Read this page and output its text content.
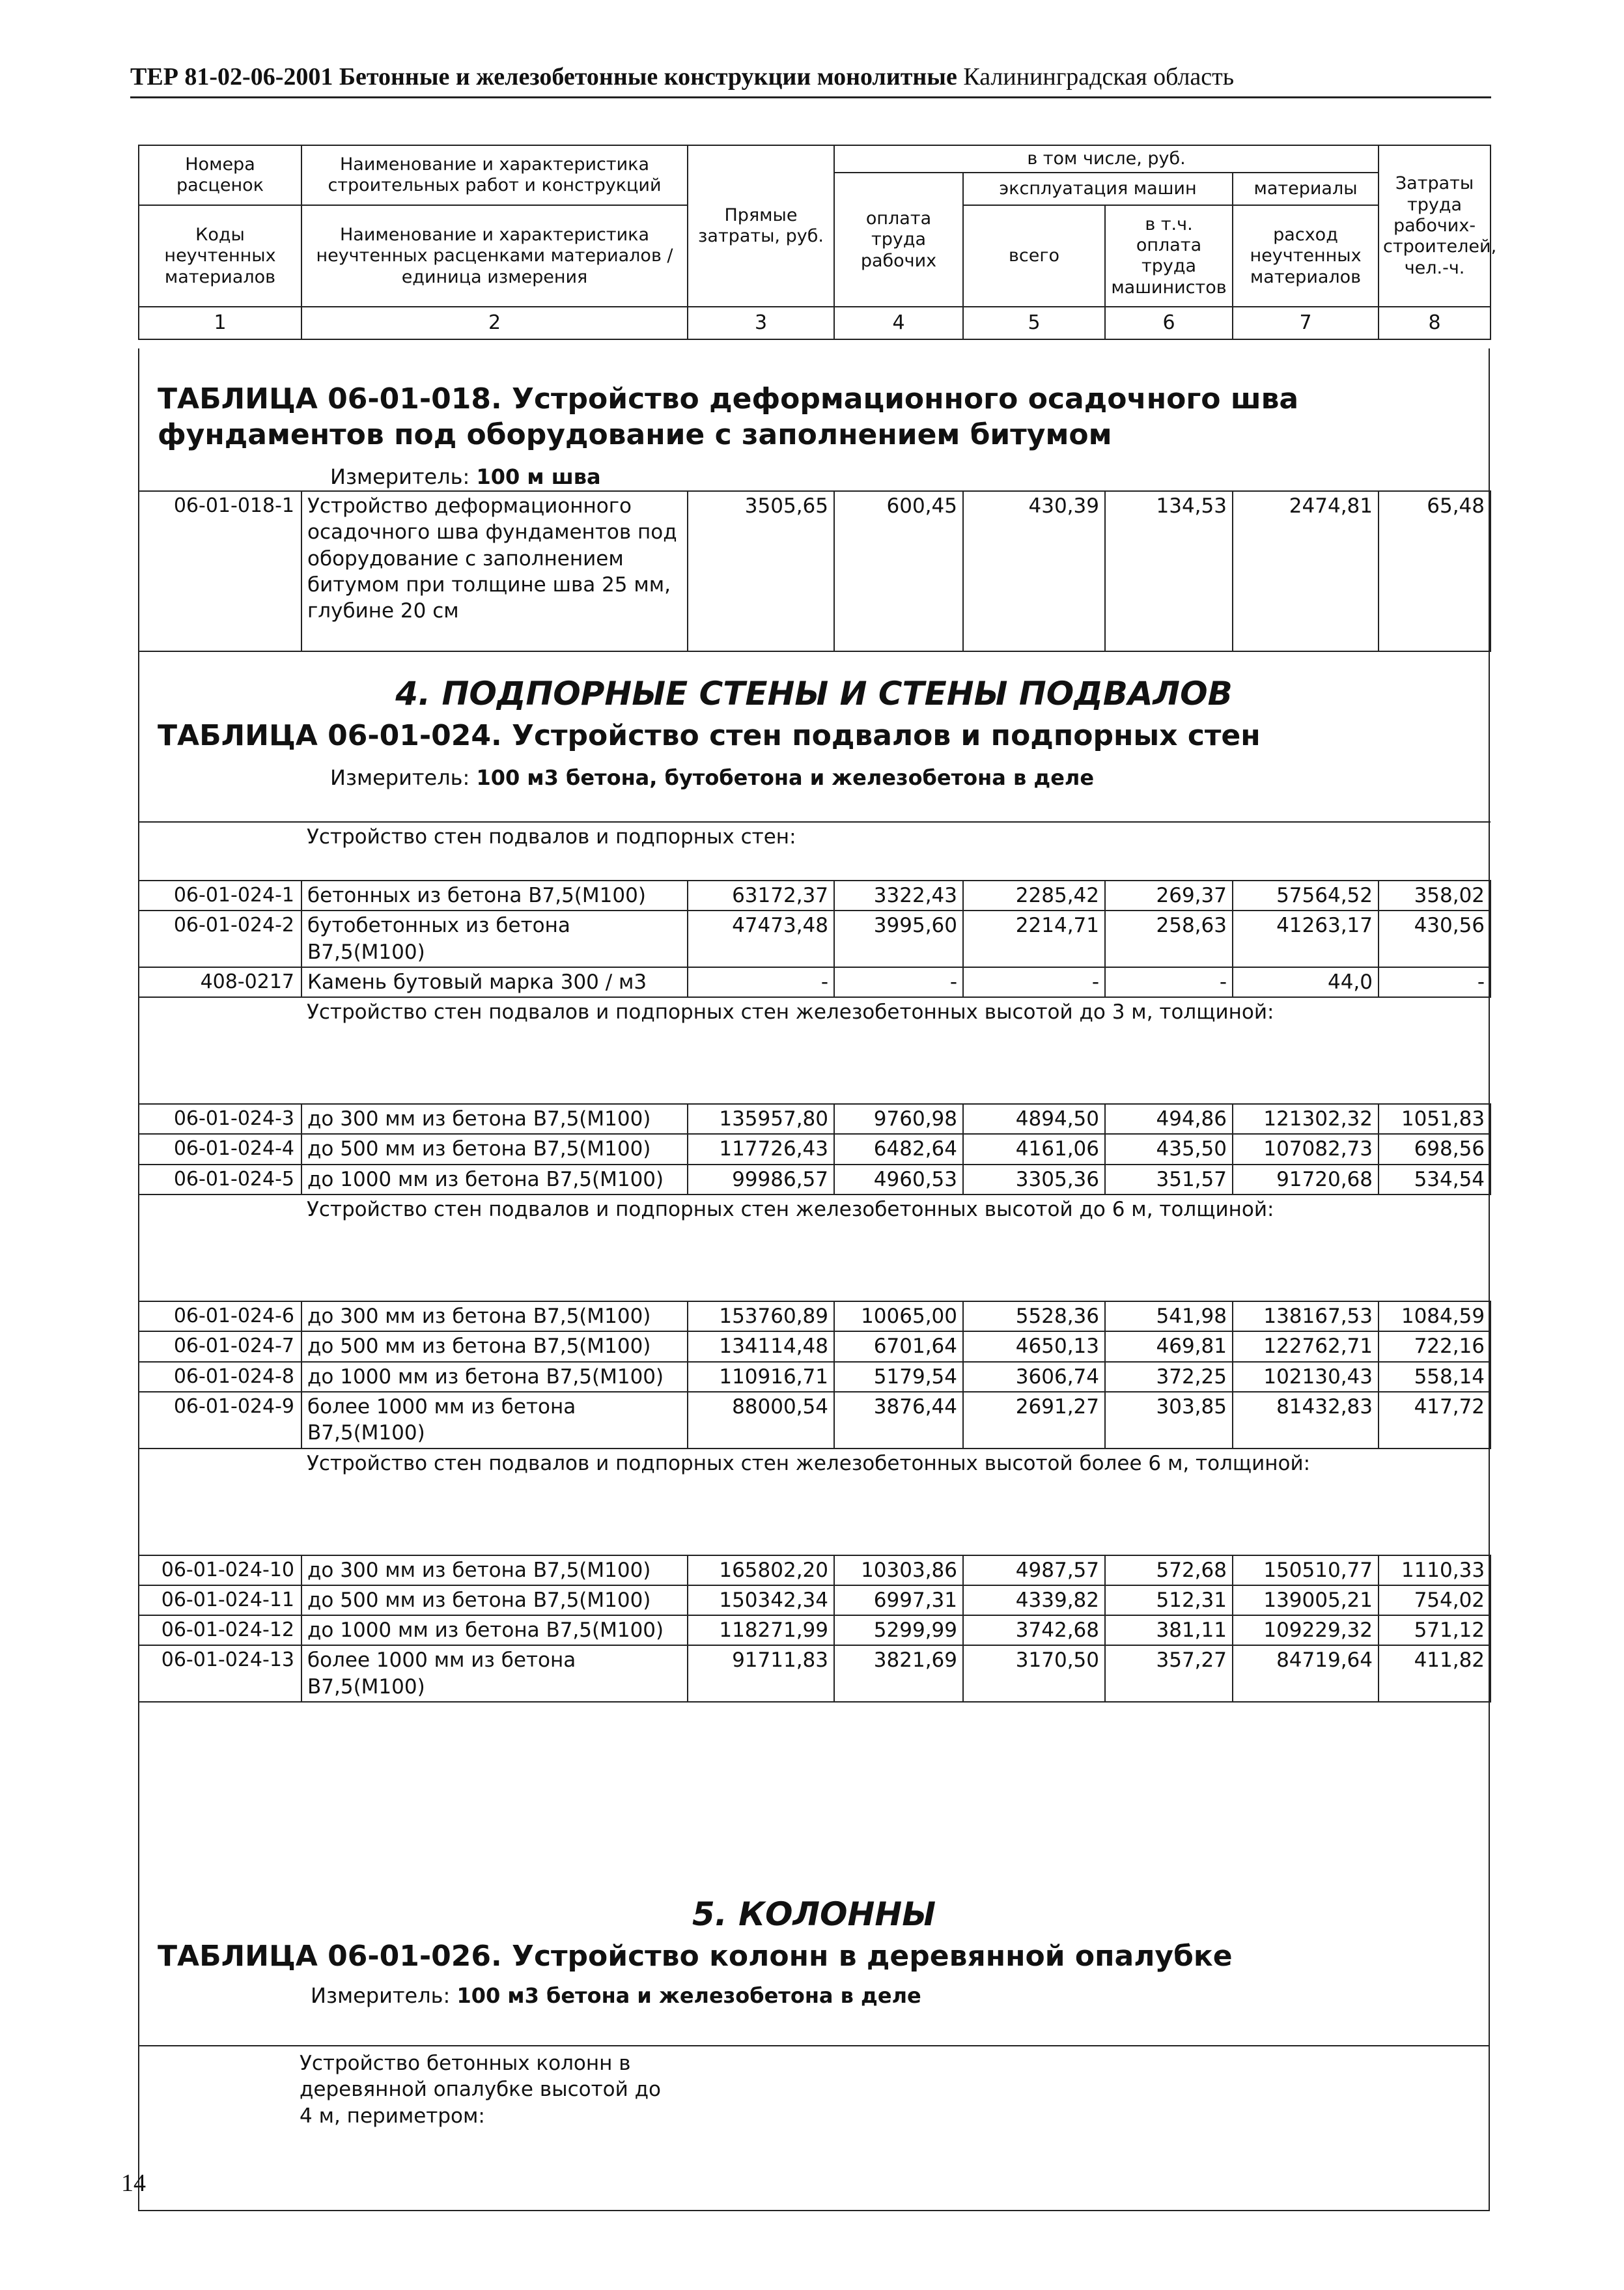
ТЕР 81-02-06-2001 Бетонные и железобетонные конструкции монолитные Калининградская область
Номера расценок	Наименование и характеристика строительных работ и конструкций	Прямые затраты, руб.	в том числе, руб.				Затраты труда рабочих-строителей, чел.-ч.
			оплата труда рабочих	эксплуатация машин		материалы	
Коды неучтенных материалов	Наименование и характеристика неучтенных расценками материалов / единица измерения			всего	в т.ч. оплата труда машинистов	расход неучтенных материалов	

1	2	3	4	5	6	7	8

ТАБЛИЦА 06-01-018. Устройство деформационного осадочного шва фундаментов под оборудование с заполнением битумом

Измеритель: 100 м шва
06-01-018-1	Устройство деформационного осадочного шва фундаментов под оборудование с заполнением битумом при толщине шва 25 мм, глубине 20 см	3505,65	600,45	430,39	134,53	2474,81	65,48

4. ПОДПОРНЫЕ СТЕНЫ И СТЕНЫ ПОДВАЛОВ

ТАБЛИЦА 06-01-024. Устройство стен подвалов и подпорных стен

Измеритель: 100 м3 бетона, бутобетона и железобетона в деле
	Устройство стен подвалов и подпорных стен:						
06-01-024-1	бетонных из бетона В7,5(М100)	63172,37	3322,43	2285,42	269,37	57564,52	358,02
06-01-024-2	бутобетонных из бетона В7,5(М100)	47473,48	3995,60	2214,71	258,63	41263,17	430,56
408-0217	Камень бутовый марка 300 / м3	-	-	-	-	44,0	-
	Устройство стен подвалов и подпорных стен железобетонных высотой до 3 м, толщиной:						
06-01-024-3	до 300 мм из бетона В7,5(М100)	135957,80	9760,98	4894,50	494,86	121302,32	1051,83
06-01-024-4	до 500 мм из бетона В7,5(М100)	117726,43	6482,64	4161,06	435,50	107082,73	698,56
06-01-024-5	до 1000 мм из бетона В7,5(М100)	99986,57	4960,53	3305,36	351,57	91720,68	534,54
	Устройство стен подвалов и подпорных стен железобетонных высотой до 6 м, толщиной:						
06-01-024-6	до 300 мм из бетона В7,5(М100)	153760,89	10065,00	5528,36	541,98	138167,53	1084,59
06-01-024-7	до 500 мм из бетона В7,5(М100)	134114,48	6701,64	4650,13	469,81	122762,71	722,16
06-01-024-8	до 1000 мм из бетона В7,5(М100)	110916,71	5179,54	3606,74	372,25	102130,43	558,14
06-01-024-9	более 1000 мм из бетона В7,5(М100)	88000,54	3876,44	2691,27	303,85	81432,83	417,72
	Устройство стен подвалов и подпорных стен железобетонных высотой более 6 м, толщиной:						
06-01-024-10	до 300 мм из бетона В7,5(М100)	165802,20	10303,86	4987,57	572,68	150510,77	1110,33
06-01-024-11	до 500 мм из бетона В7,5(М100)	150342,34	6997,31	4339,82	512,31	139005,21	754,02
06-01-024-12	до 1000 мм из бетона В7,5(М100)	118271,99	5299,99	3742,68	381,11	109229,32	571,12
06-01-024-13	более 1000 мм из бетона В7,5(М100)	91711,83	3821,69	3170,50	357,27	84719,64	411,82

5. КОЛОННЫ

ТАБЛИЦА 06-01-026. Устройство колонн в деревянной опалубке

Измеритель: 100 м3 бетона и железобетона в деле
Устройство бетонных колонн в деревянной опалубке высотой до 4 м, периметром:
14
